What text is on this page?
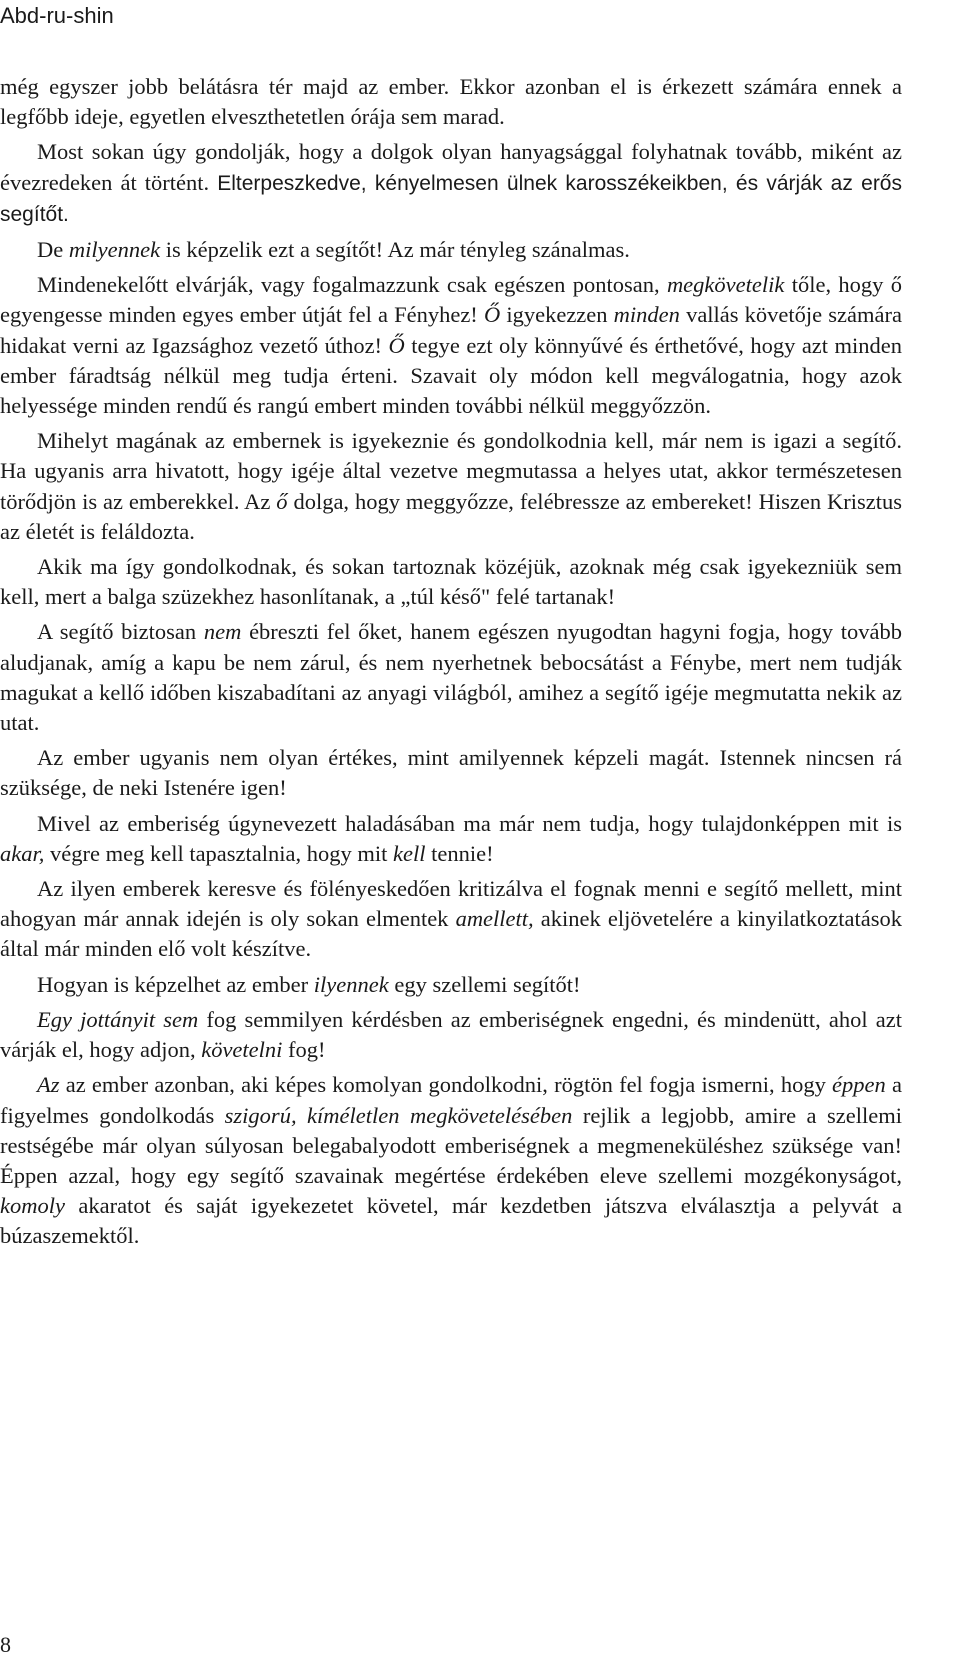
Abd-ru-shin

még egyszer jobb belátásra tér majd az ember. Ekkor azonban el is érkezett számára ennek a legfőbb ideje, egyetlen elveszthetetlen órája sem marad.

Most sokan úgy gondolják, hogy a dolgok olyan hanyagsággal folyhatnak tovább, miként az évezredeken át történt. Elterpeszkedve, kényelmesen ülnek karosszékeikben, és várják az erős segítőt.

De milyennek is képzelik ezt a segítőt! Az már tényleg szánalmas.

Mindenekelőtt elvárják, vagy fogalmazzunk csak egészen pontosan, megkövetelik tőle, hogy ő egyengesse minden egyes ember útját fel a Fényhez! Ő igyekezzen minden vallás követője számára hidakat verni az Igazsághoz vezető úthoz! Ő tegye ezt oly könnyűvé és érthetővé, hogy azt minden ember fáradtság nélkül meg tudja érteni. Szavait oly módon kell megválogatnia, hogy azok helyessége minden rendű és rangú embert minden további nélkül meggyőzzön.

Mihelyt magának az embernek is igyekeznie és gondolkodnia kell, már nem is igazi a segítő. Ha ugyanis arra hivatott, hogy igéje által vezetve megmutassa a helyes utat, akkor természetesen törődjön is az emberekkel. Az ő dolga, hogy meggyőzze, felébressze az embereket! Hiszen Krisztus az életét is feláldozta.

Akik ma így gondolkodnak, és sokan tartoznak közéjük, azoknak még csak igyekezniük sem kell, mert a balga szüzekhez hasonlítanak, a „túl késő" felé tartanak!

A segítő biztosan nem ébreszti fel őket, hanem egészen nyugodtan hagyni fogja, hogy tovább aludjanak, amíg a kapu be nem zárul, és nem nyerhetnek bebocsátást a Fénybe, mert nem tudják magukat a kellő időben kiszabadítani az anyagi világból, amihez a segítő igéje megmutatta nekik az utat.

Az ember ugyanis nem olyan értékes, mint amilyennek képzeli magát. Istennek nincsen rá szüksége, de neki Istenére igen!

Mivel az emberiség úgynevezett haladásában ma már nem tudja, hogy tulajdonképpen mit is akar, végre meg kell tapasztalnia, hogy mit kell tennie!

Az ilyen emberek keresve és fölényeskedően kritizálva el fognak menni e segítő mellett, mint ahogyan már annak idején is oly sokan elmentek amellett, akinek eljövetelére a kinyilatkoztatások által már minden elő volt készítve.

Hogyan is képzelhet az ember ilyennek egy szellemi segítőt!

Egy jottányit sem fog semmilyen kérdésben az emberiségnek engedni, és mindenütt, ahol azt várják el, hogy adjon, követelni fog!

Az az ember azonban, aki képes komolyan gondolkodni, rögtön fel fogja ismerni, hogy éppen a figyelmes gondolkodás szigorú, kíméletlen megkövetelésében rejlik a legjobb, amire a szellemi restségébe már olyan súlyosan belegabalyodott emberiségnek a megmeneküléshez szüksége van! Éppen azzal, hogy egy segítő szavainak megértése érdekében eleve szellemi mozgékonyságot, komoly akaratot és saját igyekezetet követel, már kezdetben játszva elválasztja a pelyvát a búzaszemektől.

8
